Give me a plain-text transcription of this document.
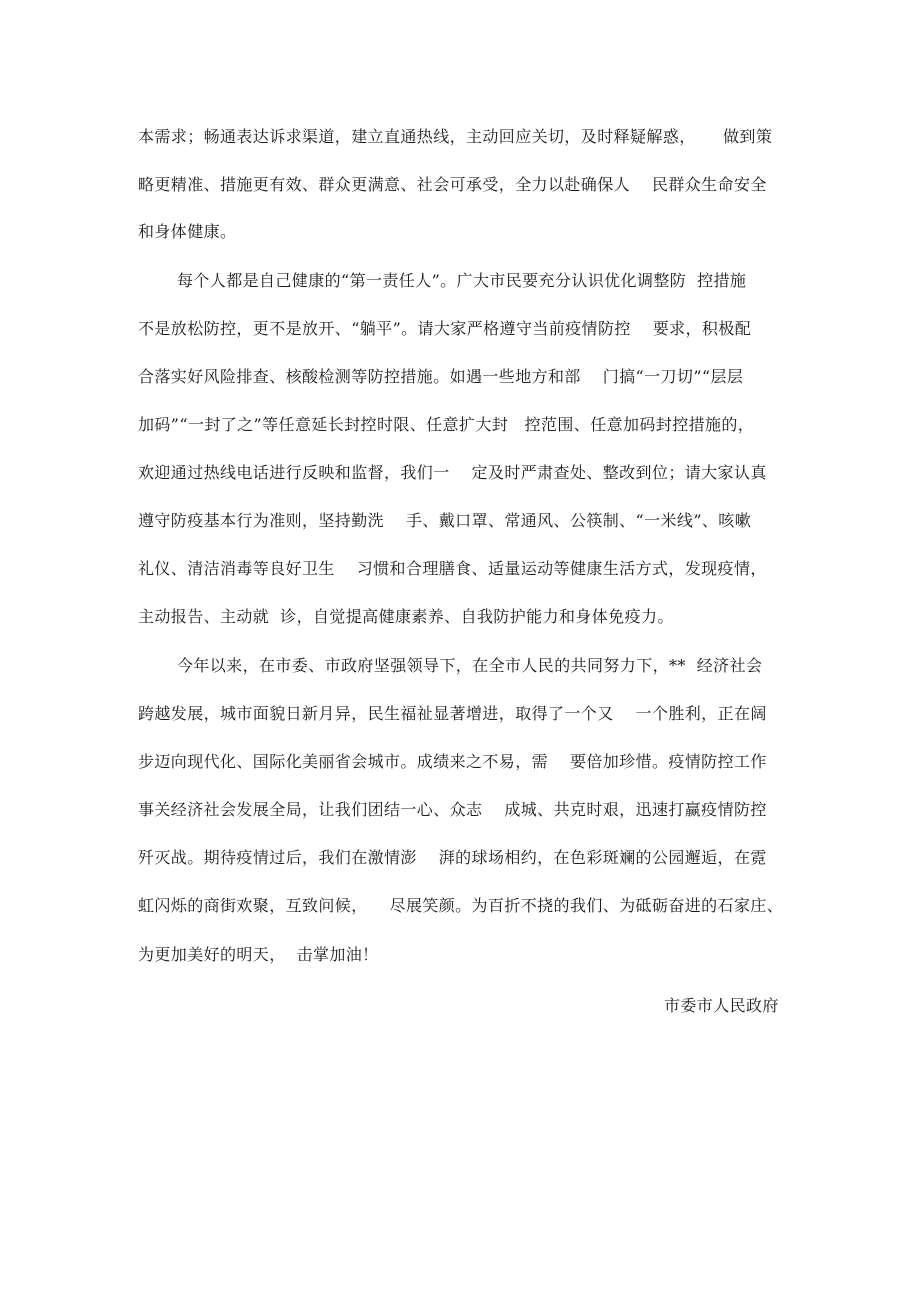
本需求；畅通表达诉求渠道，建立直通热线，主动回应关切，及时释疑解惑，     做到策
略更精准、措施更有效、群众更满意、社会可承受，全力以赴确保人    民群众生命安全
和身体健康。
每个人都是自己健康的“第一责任人”。广大市民要充分认识优化调整防  控措施
不是放松防控，更不是放开、“躺平”。请大家严格遵守当前疫情防控    要求，积极配
合落实好风险排查、核酸检测等防控措施。如遇一些地方和部    门搞“一刀切”“层层
加码”“一封了之”等任意延长封控时限、任意扩大封   控范围、任意加码封控措施的，
欢迎通过热线电话进行反映和监督，我们一    定及时严肃查处、整改到位；请大家认真
遵守防疫基本行为准则，坚持勤洗    手、戴口罩、常通风、公筷制、“一米线”、咳嗽
礼仪、清洁消毒等良好卫生    习惯和合理膳食、适量运动等健康生活方式，发现疫情，
主动报告、主动就  诊，自觉提高健康素养、自我防护能力和身体免疫力。
今年以来，在市委、市政府坚强领导下，在全市人民的共同努力下，**  经济社会
跨越发展，城市面貌日新月异，民生福祉显著增进，取得了一个又    一个胜利，正在阔
步迈向现代化、国际化美丽省会城市。成绩来之不易，需    要倍加珍惜。疫情防控工作
事关经济社会发展全局，让我们团结一心、众志    成城、共克时艰，迅速打赢疫情防控
歼灭战。期待疫情过后，我们在激情澎    湃的球场相约，在色彩斑斓的公园邂逅，在霓
虹闪烁的商街欢聚，互致问候，    尽展笑颜。为百折不挠的我们、为砥砺奋进的石家庄、
为更加美好的明天，  击掌加油！
市委市人民政府
